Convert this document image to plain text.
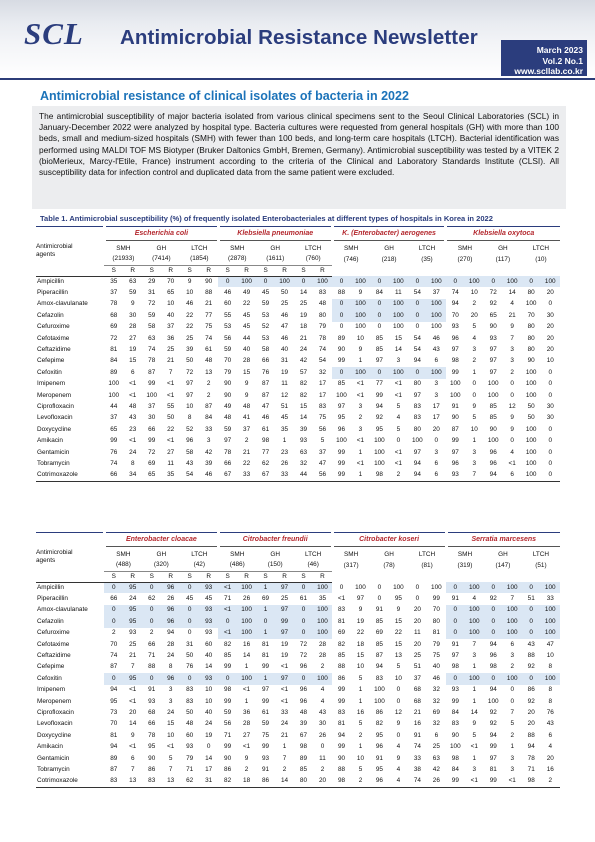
SCL Antimicrobial Resistance Newsletter
March 2023
Vol.2 No.1
www.scllab.co.kr
Antimicrobial resistance of clinical isolates of bacteria in 2022
The antimicrobial susceptibility of major bacteria isolated from various clinical specimens sent to the Seoul Clinical Laboratories (SCL) in January-December 2022 were analyzed by hospital type. Bacteria cultures were requested from general hospitals (GH) with more than 100 beds, small and medium-sized hospitals (SMH) with fewer than 100 beds, and long-term care hospitals (LTCH). Bacterial identification was performed using MALDI TOF MS Biotyper (Bruker Daltonics GmbH, Bremen, Germany). Antimicrobial susceptibility was tested by a VITEK 2 (bioMerieux, Marcy-l'Etile, France) instrument according to the criteria of the Clinical and Laboratory Standards Institute (CLSI). All susceptibility data for infection control and duplicated data from the same patient were excluded.
Table 1. Antimicrobial susceptibility (%) of frequently isolated Enterobacteriales at different types of hospitals in Korea in 2022
Antimicrobial
agents	Escherichia coli						Klebsiella pneumoniae						K. (Enterobacter) aerogenes						Klebsiella oxytoca					
	SMH		GH		LTCH		SMH		GH		LTCH		SMH		GH		LTCH		SMH		GH		LTCH	
	(21933)		(7414)		(1854)		(2878)		(1611)		(760)		(746)		(218)		(35)		(270)		(117)		(10)	
	S	R	S	R	S	R	S	R	S	R	S	R												
Ampicillin	35	63	29	70	9	90	0	100	0	100	0	100	0	100	0	100	0	100	0	100	0	100	0	100
Piperacillin	37	59	31	65	10	88	46	49	45	50	14	83	88	9	84	11	54	37	74	10	72	14	80	20
Amox-clavulanate	78	9	72	10	46	21	60	22	59	25	25	48	0	100	0	100	0	100	94	2	92	4	100	0
Cefazolin	68	30	59	40	22	77	55	45	53	46	19	80	0	100	0	100	0	100	70	20	65	21	70	30
Cefuroxime	69	28	58	37	22	75	53	45	52	47	18	79	0	100	0	100	0	100	93	5	90	9	80	20
Cefotaxime	72	27	63	36	25	74	56	44	53	46	21	78	89	10	85	15	54	46	96	4	93	7	80	20
Ceftazidime	81	19	74	25	39	61	59	40	58	40	24	74	90	9	85	14	54	43	97	3	97	3	80	20
Cefepime	84	15	78	21	50	48	70	28	66	31	42	54	99	1	97	3	94	6	98	2	97	3	90	10
Cefoxitin	89	6	87	7	72	13	79	15	76	19	57	32	0	100	0	100	0	100	99	1	97	2	100	0
Imipenem	100	<1	99	<1	97	2	90	9	87	11	82	17	85	<1	77	<1	80	3	100	0	100	0	100	0
Meropenem	100	<1	100	<1	97	2	90	9	87	12	82	17	100	<1	99	<1	97	3	100	0	100	0	100	0
Ciprofloxacin	44	48	37	55	10	87	49	48	47	51	15	83	97	3	94	5	83	17	91	9	85	12	50	30
Levofloxacin	37	43	30	50	8	84	48	41	46	45	14	75	95	2	92	4	83	17	90	5	85	9	50	30
Doxycycline	65	23	66	22	52	33	59	37	61	35	39	56	96	3	95	5	80	20	87	10	90	9	100	0
Amikacin	99	<1	99	<1	96	3	97	2	98	1	93	5	100	<1	100	0	100	0	99	1	100	0	100	0
Gentamicin	76	24	72	27	58	42	78	21	77	23	63	37	99	1	100	<1	97	3	97	3	96	4	100	0
Tobramycin	74	8	69	11	43	39	66	22	62	26	32	47	99	<1	100	<1	94	6	96	3	96	<1	100	0
Cotrimoxazole	66	34	65	35	54	46	67	33	67	33	44	56	99	1	98	2	94	6	93	7	94	6	100	0
Antimicrobial
agents	Enterobacter cloacae						Citrobacter freundii						Citrobacter koseri						Serratia marcesens					
	SMH		GH		LTCH		SMH		GH		LTCH		SMH		GH		LTCH		SMH		GH		LTCH	
	(488)		(320)		(42)		(486)		(150)		(46)		(317)		(78)		(81)		(319)		(147)		(51)	
	S	R	S	R	S	R	S	R	S	R	S	R												
Ampicillin	0	95	0	96	0	93	<1	100	1	97	0	100	0	100	0	100	0	100	0	100	0	100	0	100
Piperacillin	66	24	62	26	45	45	71	26	69	25	61	35	<1	97	0	95	0	99	91	4	92	7	51	33
Amox-clavulanate	0	95	0	96	0	93	<1	100	1	97	0	100	83	9	91	9	20	70	0	100	0	100	0	100
Cefazolin	0	95	0	96	0	93	0	100	0	99	0	100	81	19	85	15	20	80	0	100	0	100	0	100
Cefuroxime	2	93	2	94	0	93	<1	100	1	97	0	100	69	22	69	22	11	81	0	100	0	100	0	100
Cefotaxime	70	25	66	28	31	60	82	16	81	19	72	28	82	18	85	15	20	79	91	7	94	6	43	47
Ceftazidime	74	21	71	24	50	40	85	14	81	19	72	28	85	15	87	13	25	75	97	3	96	3	88	10
Cefepime	87	7	88	8	76	14	99	1	99	<1	96	2	88	10	94	5	51	40	98	1	98	2	92	8
Cefoxitin	0	95	0	96	0	93	0	100	1	97	0	100	86	5	83	10	37	46	0	100	0	100	0	100
Imipenem	94	<1	91	3	83	10	98	<1	97	<1	96	4	99	1	100	0	68	32	93	1	94	0	86	8
Meropenem	95	<1	93	3	83	10	99	1	99	<1	96	4	99	1	100	0	68	32	99	1	100	0	92	8
Ciprofloxacin	73	20	68	24	50	40	59	36	61	33	48	43	83	16	86	12	21	69	84	14	92	7	20	76
Levofloxacin	70	14	66	15	48	24	56	28	59	24	39	30	81	5	82	9	16	32	83	9	92	5	20	43
Doxycycline	81	9	78	10	60	19	71	27	75	21	67	26	94	2	95	0	91	6	90	5	94	2	88	6
Amikacin	94	<1	95	<1	93	0	99	<1	99	1	98	0	99	1	96	4	74	25	100	<1	99	1	94	4
Gentamicin	89	6	90	5	79	14	90	9	93	7	89	11	90	10	91	9	33	63	98	1	97	3	78	20
Tobramycin	87	7	86	7	71	17	86	2	91	2	85	2	88	5	95	4	38	42	84	3	81	3	71	16
Cotrimoxazole	83	13	83	13	62	31	82	18	86	14	80	20	98	2	96	4	74	26	99	<1	99	<1	98	2
